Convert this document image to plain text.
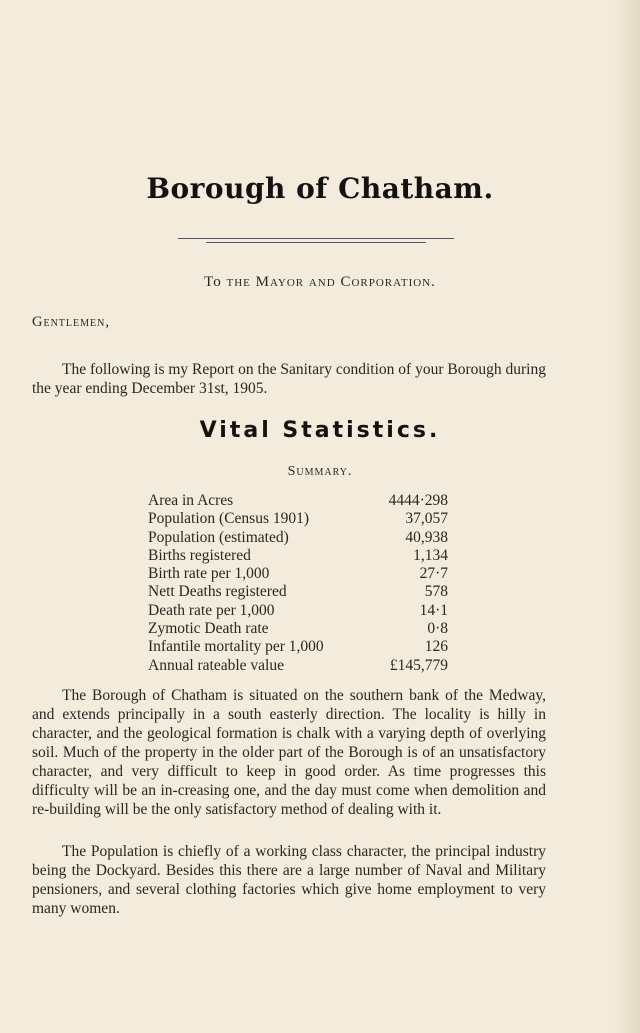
Borough of Chatham.
To the Mayor and Corporation.
Gentlemen,

The following is my Report on the Sanitary condition of your Borough during the year ending December 31st, 1905.

Vital Statistics.
Summary.
Area in Acres	4444·298
Population (Census 1901)	37,057
Population (estimated)	40,938
Births registered	1,134
Birth rate per 1,000	27·7
Nett Deaths registered	578
Death rate per 1,000	14·1
Zymotic Death rate	0·8
Infantile mortality per 1,000	126
Annual rateable value	£145,779

The Borough of Chatham is situated on the southern bank of the Medway, and extends principally in a south easterly direction. The locality is hilly in character, and the geological formation is chalk with a varying depth of overlying soil. Much of the property in the older part of the Borough is of an unsatisfactory character, and very difficult to keep in good order. As time progresses this difficulty will be an in-creasing one, and the day must come when demolition and re-building will be the only satisfactory method of dealing with it.

The Population is chiefly of a working class character, the principal industry being the Dockyard. Besides this there are a large number of Naval and Military pensioners, and several clothing factories which give home employment to very many women.
